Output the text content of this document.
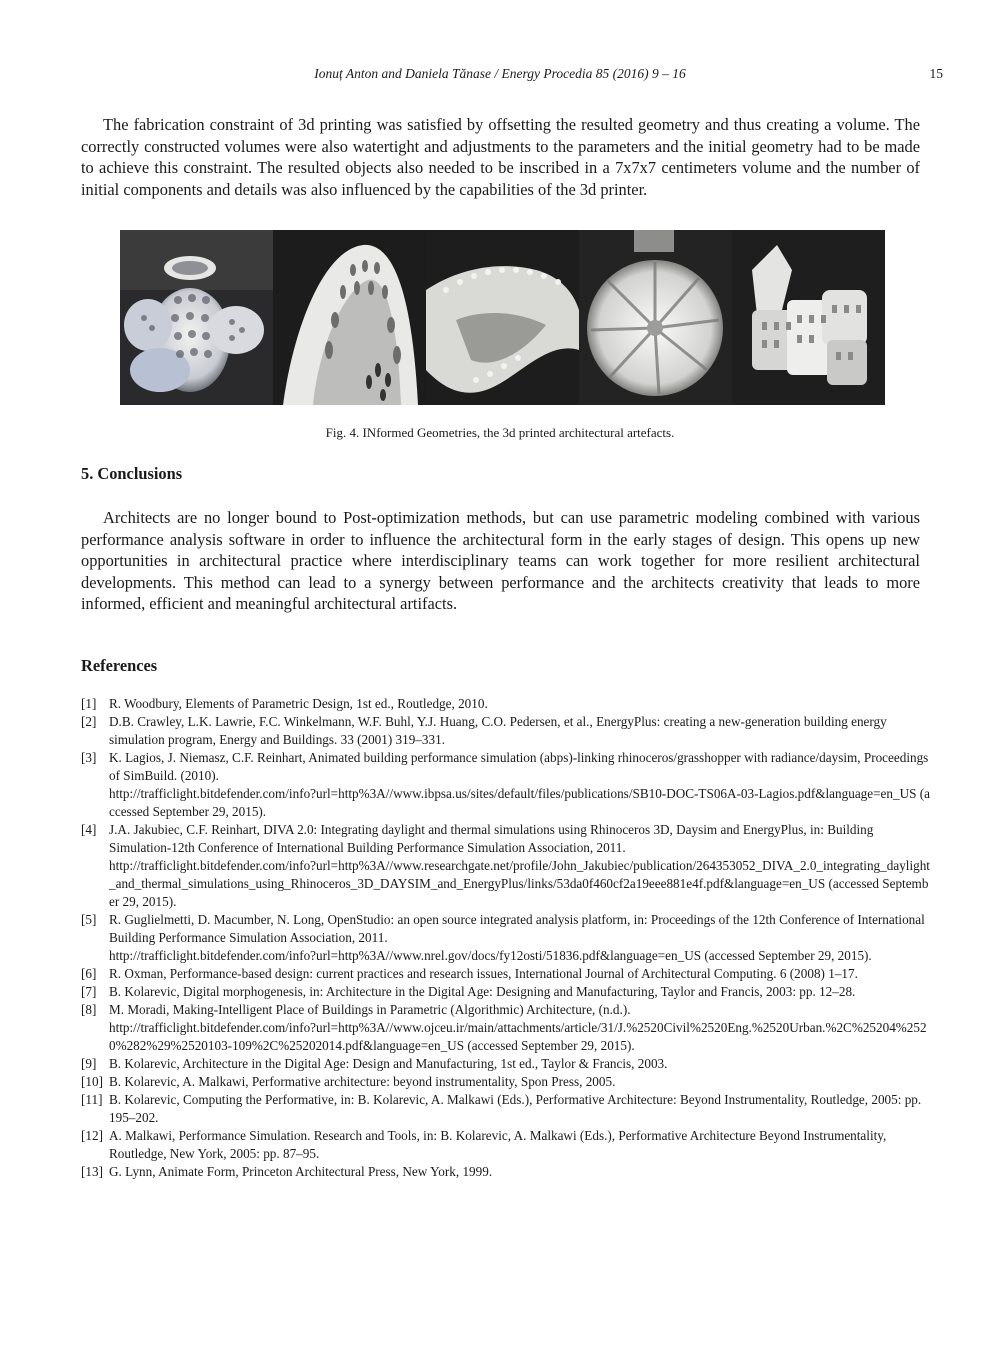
Ionuț Anton and Daniela Tănase / Energy Procedia 85 (2016) 9 – 16	15

The fabrication constraint of 3d printing was satisfied by offsetting the resulted geometry and thus creating a volume. The correctly constructed volumes were also watertight and adjustments to the parameters and the initial geometry had to be made to achieve this constraint. The resulted objects also needed to be inscribed in a 7x7x7 centimeters volume and the number of initial components and details was also influenced by the capabilities of the 3d printer.

Fig. 4. INformed Geometries, the 3d printed architectural artefacts.
5. Conclusions

Architects are no longer bound to Post-optimization methods, but can use parametric modeling combined with various performance analysis software in order to influence the architectural form in the early stages of design. This opens up new opportunities in architectural practice where interdisciplinary teams can work together for more resilient architectural developments. This method can lead to a synergy between performance and the architects creativity that leads to more informed, efficient and meaningful architectural artifacts.

References
[1] R. Woodbury, Elements of Parametric Design, 1st ed., Routledge, 2010.
[2] D.B. Crawley, L.K. Lawrie, F.C. Winkelmann, W.F. Buhl, Y.J. Huang, C.O. Pedersen, et al., EnergyPlus: creating a new-generation building energy simulation program, Energy and Buildings. 33 (2001) 319–331.
[3] K. Lagios, J. Niemasz, C.F. Reinhart, Animated building performance simulation (abps)-linking rhinoceros/grasshopper with radiance/daysim, Proceedings of SimBuild. (2010).
http://trafficlight.bitdefender.com/info?url=http%3A//www.ibpsa.us/sites/default/files/publications/SB10-DOC-TS06A-03-Lagios.pdf&language=en_US (accessed September 29, 2015).
[4] J.A. Jakubiec, C.F. Reinhart, DIVA 2.0: Integrating daylight and thermal simulations using Rhinoceros 3D, Daysim and EnergyPlus, in: Building Simulation-12th Conference of International Building Performance Simulation Association, 2011.
http://trafficlight.bitdefender.com/info?url=http%3A//www.researchgate.net/profile/John_Jakubiec/publication/264353052_DIVA_2.0_integrating_daylight_and_thermal_simulations_using_Rhinoceros_3D_DAYSIM_and_EnergyPlus/links/53da0f460cf2a19eee881e4f.pdf&language=en_US (accessed September 29, 2015).
[5] R. Guglielmetti, D. Macumber, N. Long, OpenStudio: an open source integrated analysis platform, in: Proceedings of the 12th Conference of International Building Performance Simulation Association, 2011.
http://trafficlight.bitdefender.com/info?url=http%3A//www.nrel.gov/docs/fy12osti/51836.pdf&language=en_US (accessed September 29, 2015).
[6] R. Oxman, Performance-based design: current practices and research issues, International Journal of Architectural Computing. 6 (2008) 1–17.
[7] B. Kolarevic, Digital morphogenesis, in: Architecture in the Digital Age: Designing and Manufacturing, Taylor and Francis, 2003: pp. 12–28.
[8] M. Moradi, Making-Intelligent Place of Buildings in Parametric (Algorithmic) Architecture, (n.d.).
http://trafficlight.bitdefender.com/info?url=http%3A//www.ojceu.ir/main/attachments/article/31/J.%2520Civil%2520Eng.%2520Urban.%2C%25204%2520%282%29%2520103-109%2C%25202014.pdf&language=en_US (accessed September 29, 2015).
[9] B. Kolarevic, Architecture in the Digital Age: Design and Manufacturing, 1st ed., Taylor & Francis, 2003.
[10] B. Kolarevic, A. Malkawi, Performative architecture: beyond instrumentality, Spon Press, 2005.
[11] B. Kolarevic, Computing the Performative, in: B. Kolarevic, A. Malkawi (Eds.), Performative Architecture: Beyond Instrumentality, Routledge, 2005: pp. 195–202.
[12] A. Malkawi, Performance Simulation. Research and Tools, in: B. Kolarevic, A. Malkawi (Eds.), Performative Architecture Beyond Instrumentality, Routledge, New York, 2005: pp. 87–95.
[13] G. Lynn, Animate Form, Princeton Architectural Press, New York, 1999.
